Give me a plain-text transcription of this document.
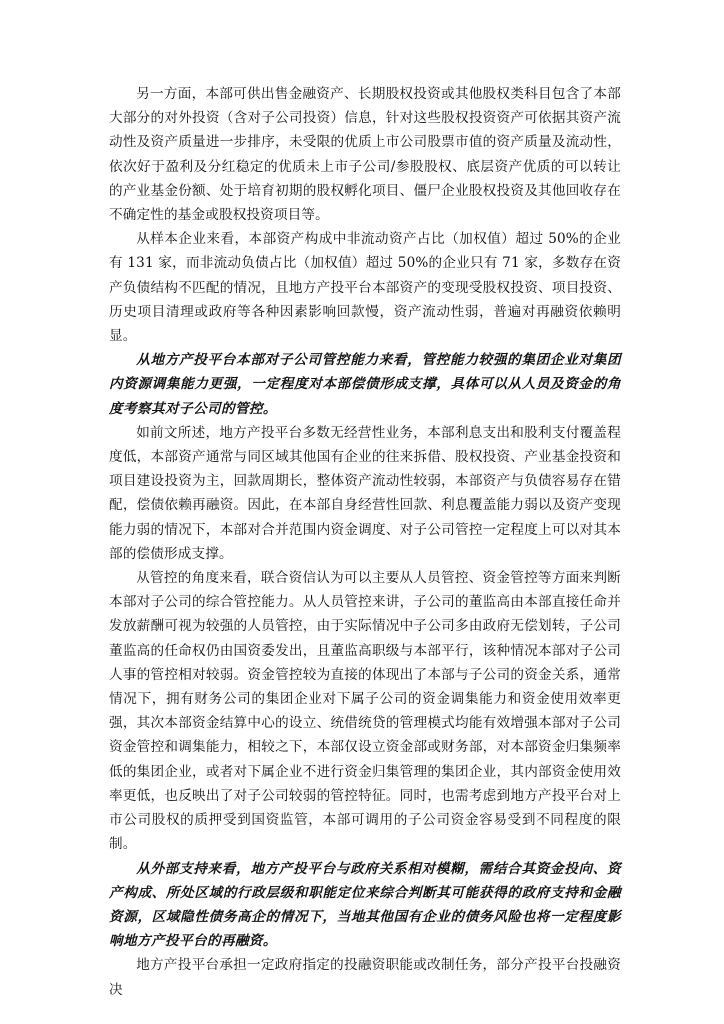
另一方面，本部可供出售金融资产、长期股权投资或其他股权类科目包含了本部大部分的对外投资（含对子公司投资）信息，针对这些股权投资资产可依据其资产流动性及资产质量进一步排序，未受限的优质上市公司股票市值的资产质量及流动性，依次好于盈利及分红稳定的优质未上市子公司/参股股权、底层资产优质的可以转让的产业基金份额、处于培育初期的股权孵化项目、僵尸企业股权投资及其他回收存在不确定性的基金或股权投资项目等。

从样本企业来看，本部资产构成中非流动资产占比（加权值）超过 50%的企业有 131 家，而非流动负债占比（加权值）超过 50%的企业只有 71 家，多数存在资产负债结构不匹配的情况，且地方产投平台本部资产的变现受股权投资、项目投资、历史项目清理或政府等各种因素影响回款慢，资产流动性弱，普遍对再融资依赖明显。

从地方产投平台本部对子公司管控能力来看，管控能力较强的集团企业对集团内资源调集能力更强，一定程度对本部偿债形成支撑，具体可以从人员及资金的角度考察其对子公司的管控。

如前文所述，地方产投平台多数无经营性业务，本部利息支出和股利支付覆盖程度低，本部资产通常与同区域其他国有企业的往来拆借、股权投资、产业基金投资和项目建设投资为主，回款周期长，整体资产流动性较弱，本部资产与负债容易存在错配，偿债依赖再融资。因此，在本部自身经营性回款、利息覆盖能力弱以及资产变现能力弱的情况下，本部对合并范围内资金调度、对子公司管控一定程度上可以对其本部的偿债形成支撑。

从管控的角度来看，联合资信认为可以主要从人员管控、资金管控等方面来判断本部对子公司的综合管控能力。从人员管控来讲，子公司的董监高由本部直接任命并发放薪酬可视为较强的人员管控，由于实际情况中子公司多由政府无偿划转，子公司董监高的任命权仍由国资委发出，且董监高职级与本部平行，该种情况本部对子公司人事的管控相对较弱。资金管控较为直接的体现出了本部与子公司的资金关系，通常情况下，拥有财务公司的集团企业对下属子公司的资金调集能力和资金使用效率更强，其次本部资金结算中心的设立、统借统贷的管理模式均能有效增强本部对子公司资金管控和调集能力，相较之下，本部仅设立资金部或财务部，对本部资金归集频率低的集团企业，或者对下属企业不进行资金归集管理的集团企业，其内部资金使用效率更低，也反映出了对子公司较弱的管控特征。同时，也需考虑到地方产投平台对上市公司股权的质押受到国资监管，本部可调用的子公司资金容易受到不同程度的限制。

从外部支持来看，地方产投平台与政府关系相对模糊，需结合其资金投向、资产构成、所处区域的行政层级和职能定位来综合判断其可能获得的政府支持和金融资源，区域隐性债务高企的情况下，当地其他国有企业的债务风险也将一定程度影响地方产投平台的再融资。

地方产投平台承担一定政府指定的投融资职能或改制任务，部分产投平台投融资决
